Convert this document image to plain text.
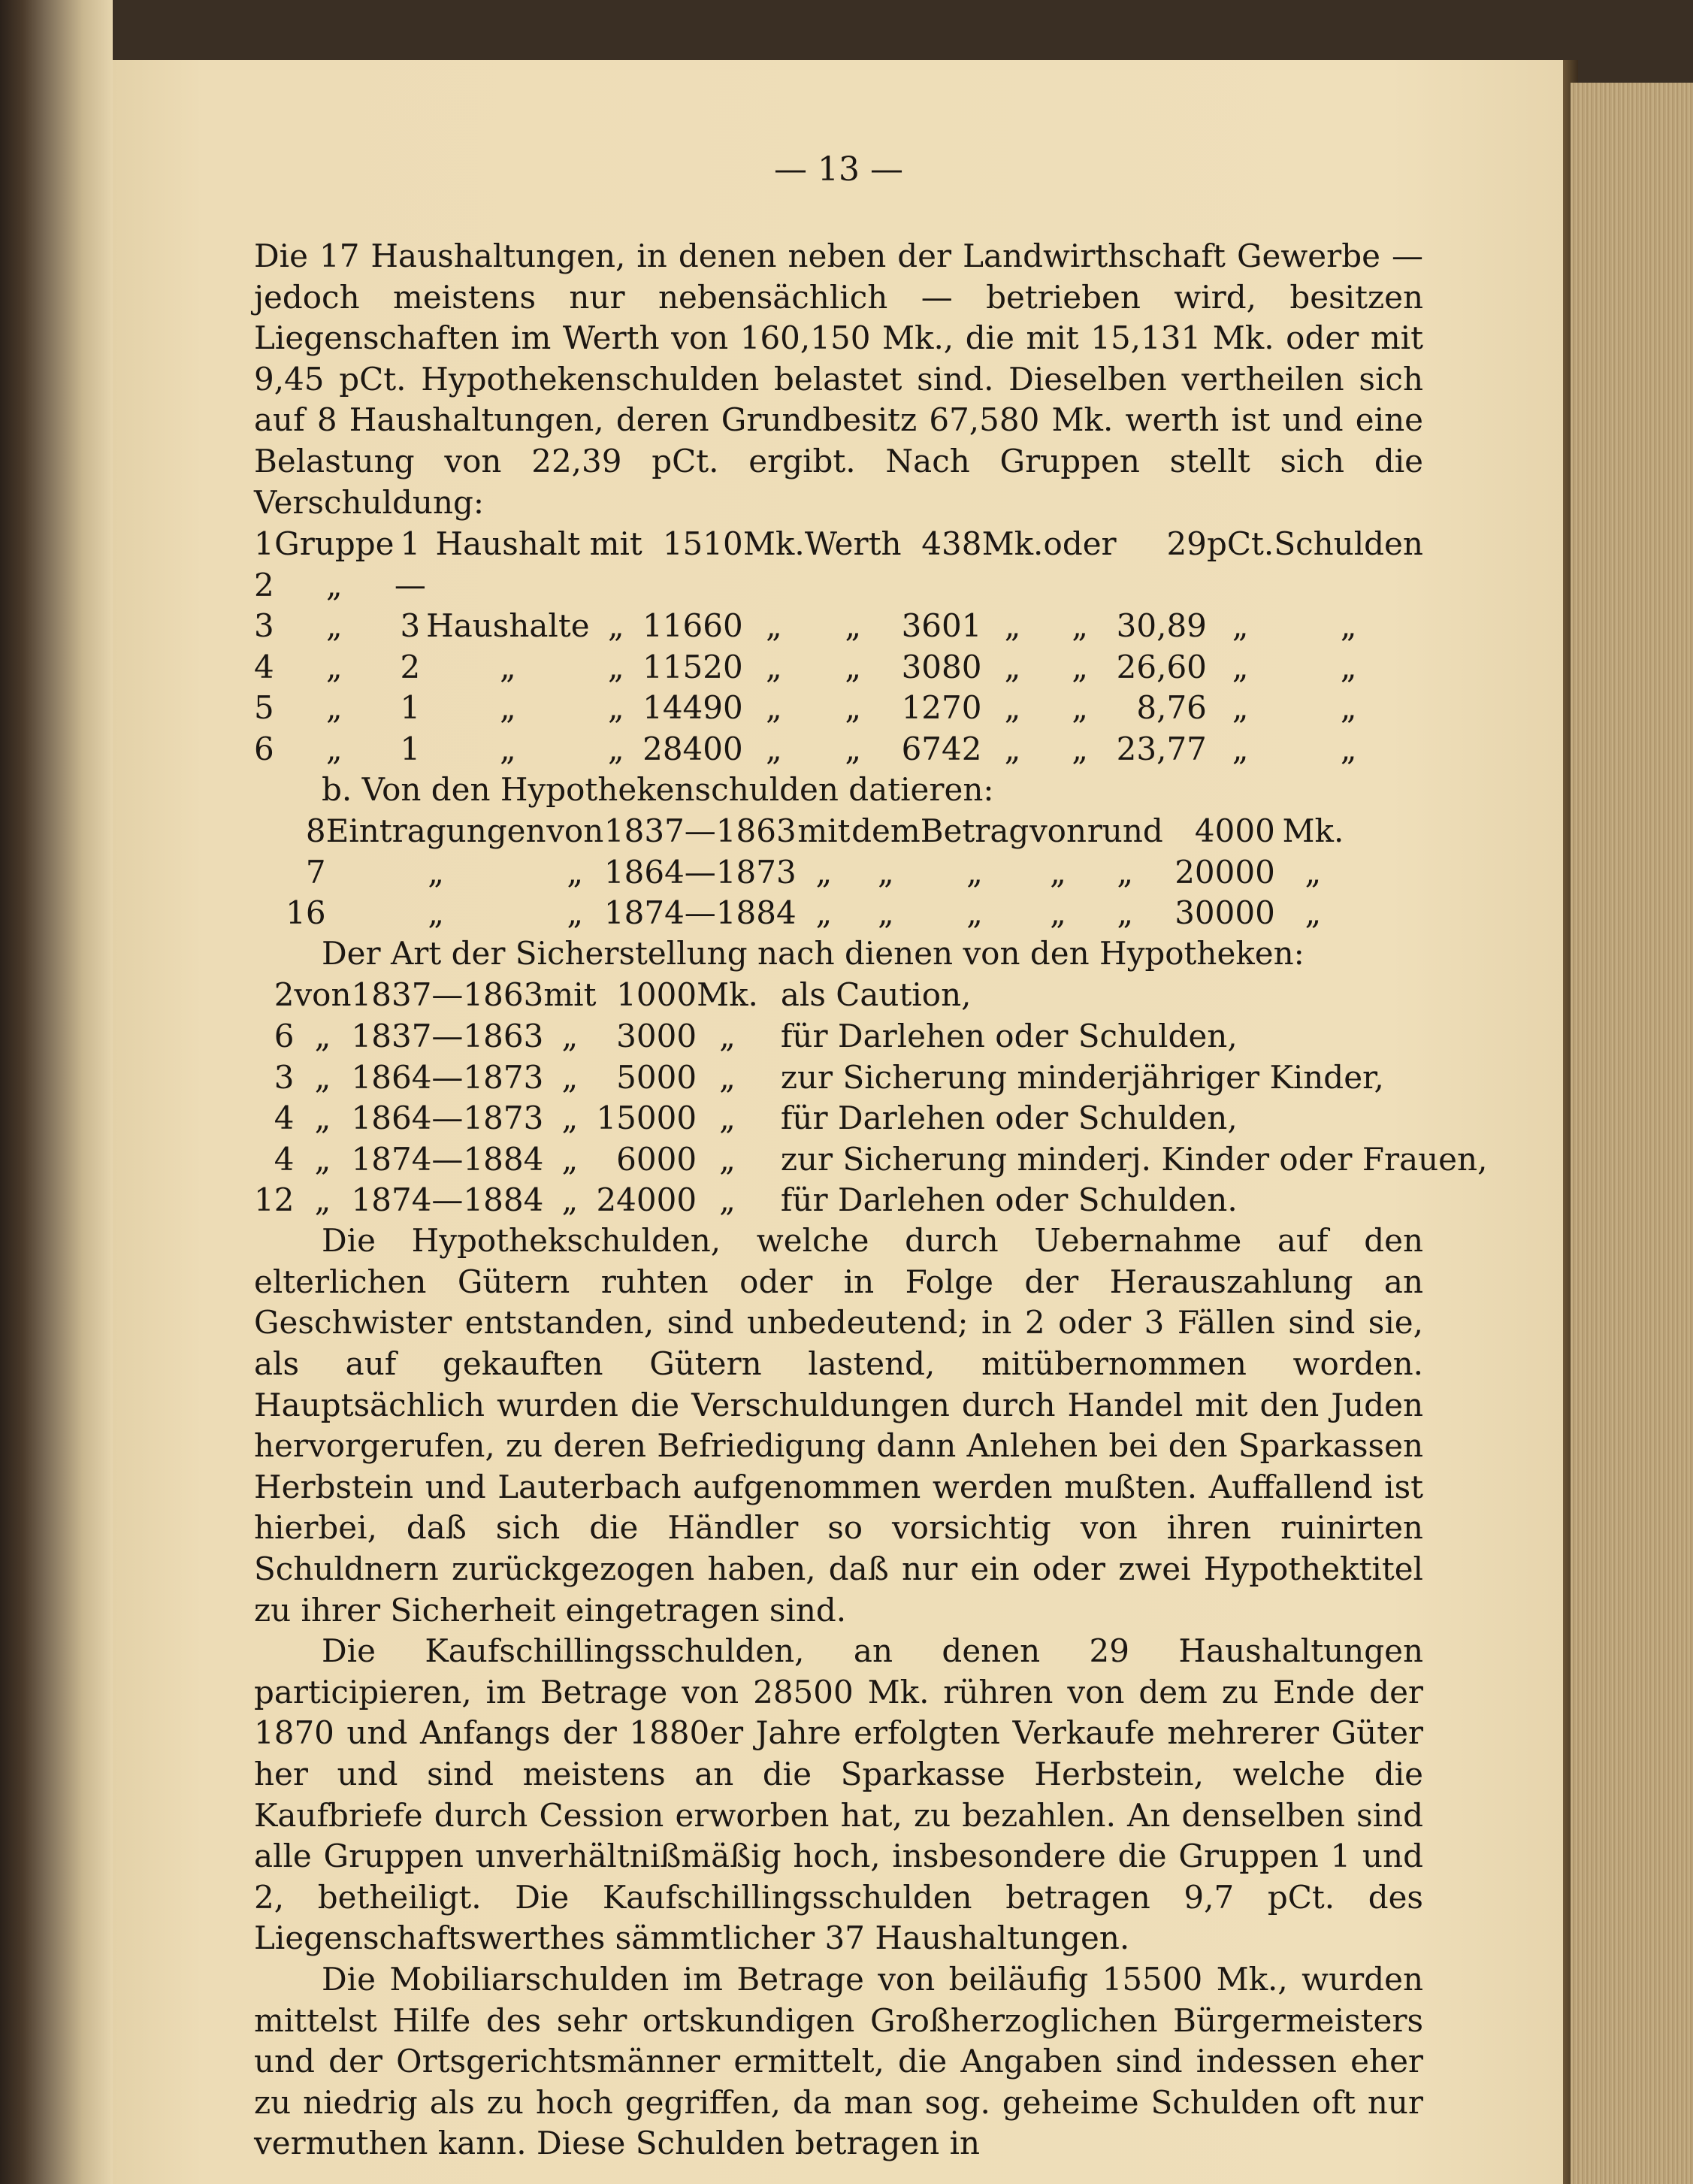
— 13 —

Die 17 Haushaltungen, in denen neben der Landwirthschaft Gewerbe — jedoch meistens nur nebensächlich — betrieben wird, besitzen Liegenschaften im Werth von 160,150 Mk., die mit 15,131 Mk. oder mit 9,45 pCt. Hypothekenschulden belastet sind. Dieselben vertheilen sich auf 8 Haushaltungen, deren Grundbesitz 67,580 Mk. werth ist und eine Belastung von 22,39 pCt. ergibt. Nach Gruppen stellt sich die Verschuldung:

1	Gruppe	1	Haushalt	mit	1510	Mk.	Werth	438	Mk.	oder	29	pCt.	Schulden
2	„	—											
3	„	3	Haushalte	„	11660	„	„	3601	„	„	30,89	„	„
4	„	2	„	„	11520	„	„	3080	„	„	26,60	„	„
5	„	1	„	„	14490	„	„	1270	„	„	8,76	„	„
6	„	1	„	„	28400	„	„	6742	„	„	23,77	„	„
b. Von den Hypothekenschulden datieren:
8	Eintragungen	von	1837—1863	mit	dem	Betrag	von	rund	4000	Mk.
7	„	„	1864—1873	„	„	„	„	„	20000	„
16	„	„	1874—1884	„	„	„	„	„	30000	„
Der Art der Sicherstellung nach dienen von den Hypotheken:
2	von	1837—1863	mit	1000	Mk.	als Caution,
6	„	1837—1863	„	3000	„	für Darlehen oder Schulden,
3	„	1864—1873	„	5000	„	zur Sicherung minderjähriger Kinder,
4	„	1864—1873	„	15000	„	für Darlehen oder Schulden,
4	„	1874—1884	„	6000	„	zur Sicherung minderj. Kinder oder Frauen,
12	„	1874—1884	„	24000	„	für Darlehen oder Schulden.

Die Hypothekschulden, welche durch Uebernahme auf den elterlichen Gütern ruhten oder in Folge der Herauszahlung an Geschwister entstanden, sind unbedeutend; in 2 oder 3 Fällen sind sie, als auf gekauften Gütern lastend, mitübernommen worden. Hauptsächlich wurden die Verschuldungen durch Handel mit den Juden hervorgerufen, zu deren Befriedigung dann Anlehen bei den Sparkassen Herbstein und Lauterbach aufgenommen werden mußten. Auffallend ist hierbei, daß sich die Händler so vorsichtig von ihren ruinirten Schuldnern zurückgezogen haben, daß nur ein oder zwei Hypothektitel zu ihrer Sicherheit eingetragen sind.

Die Kaufschillingsschulden, an denen 29 Haushaltungen participieren, im Betrage von 28500 Mk. rühren von dem zu Ende der 1870 und Anfangs der 1880er Jahre erfolgten Verkaufe mehrerer Güter her und sind meistens an die Sparkasse Herbstein, welche die Kaufbriefe durch Cession erworben hat, zu bezahlen. An denselben sind alle Gruppen unverhältnißmäßig hoch, insbesondere die Gruppen 1 und 2, betheiligt. Die Kaufschillingsschulden betragen 9,7 pCt. des Liegenschaftswerthes sämmtlicher 37 Haushaltungen.

Die Mobiliarschulden im Betrage von beiläufig 15500 Mk., wurden mittelst Hilfe des sehr ortskundigen Großherzoglichen Bürgermeisters und der Ortsgerichtsmänner ermittelt, die Angaben sind indessen eher zu niedrig als zu hoch gegriffen, da man sog. geheime Schulden oft nur vermuthen kann. Diese Schulden betragen in
